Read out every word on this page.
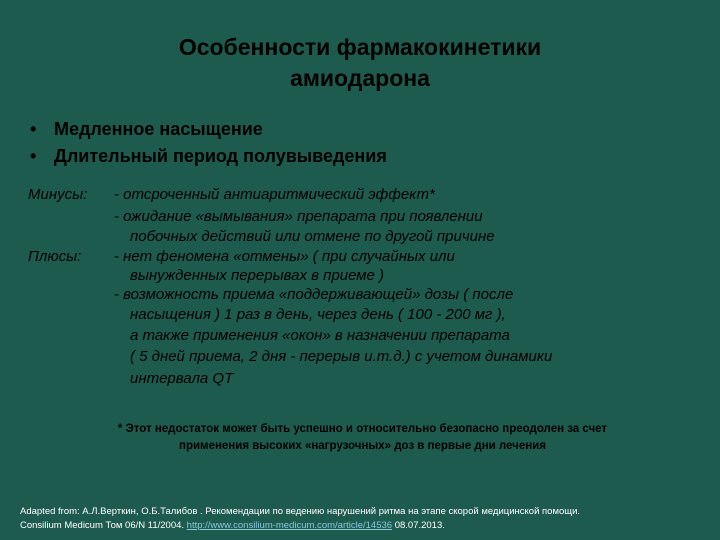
Особенности фармакокинетики
амиодарона
• Медленное насыщение
• Длительный период полувыведения
Минусы: - отсроченный антиаритмический эффект*
- ожидание «вымывания» препарата при появлении
побочных действий или отмене по другой причине
Плюсы: - нет феномена «отмены» ( при случайных или
вынужденных перерывах в приеме )
- возможность приема «поддерживающей» дозы ( после
насыщения ) 1 раз в день, через день ( 100 - 200 мг ),
а также применения «окон» в назначении препарата
( 5 дней приема, 2 дня - перерыв и.т.д.) с учетом динамики
интервала QT
* Этот недостаток может быть успешно и относительно безопасно преодолен за счет
применения высоких «нагрузочных» доз в первые дни лечения
Adapted from: А.Л.Верткин, О.Б.Талибов . Рекомендации по ведению нарушений ритма на этапе скорой медицинской помощи.
Consilium Medicum Том 06/N 11/2004. http://www.consilium-medicum.com/article/14536 08.07.2013.
